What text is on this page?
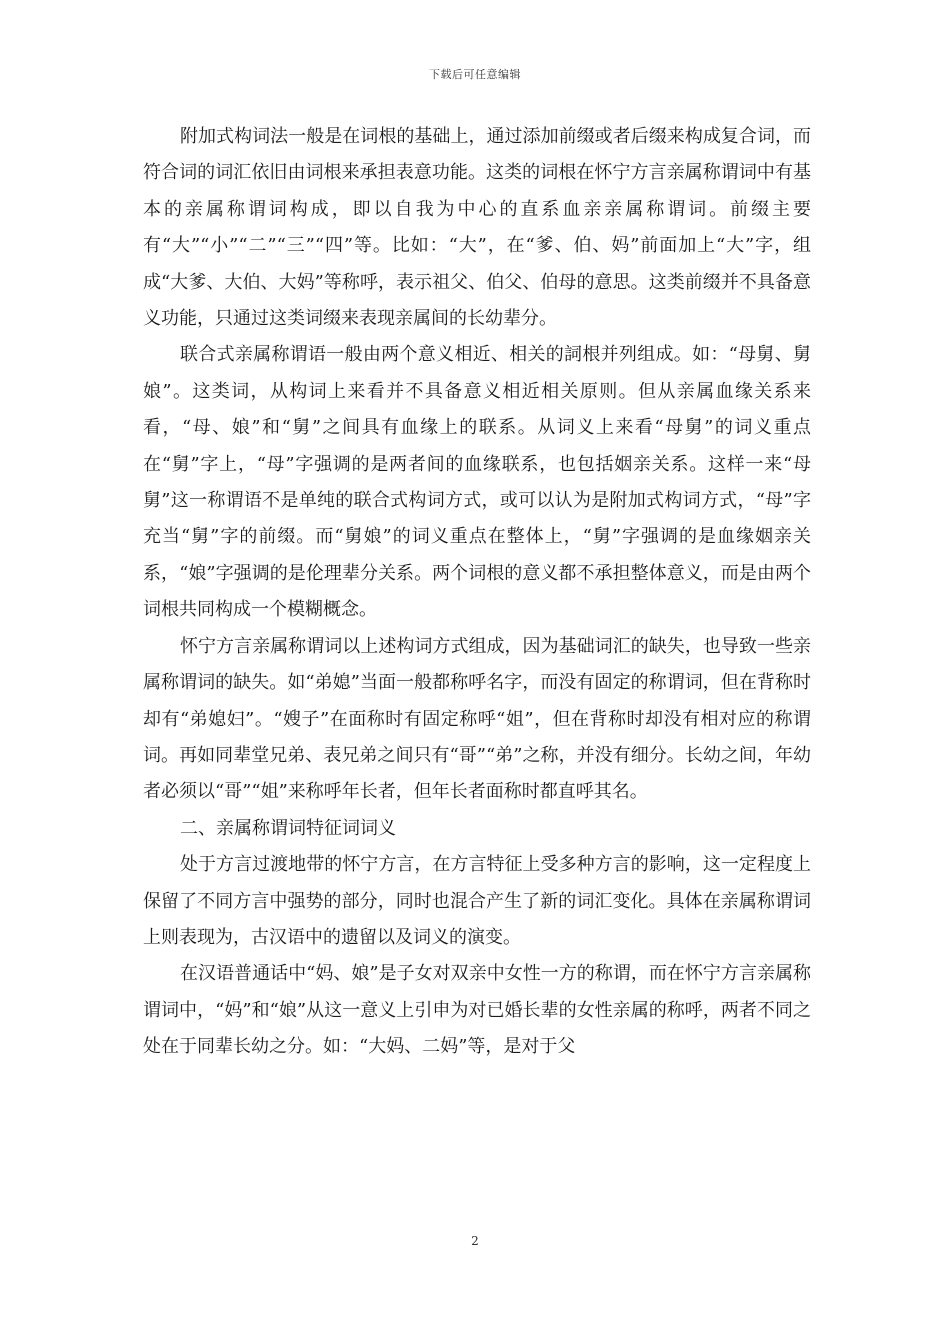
下载后可任意编辑

附加式构词法一般是在词根的基础上，通过添加前缀或者后缀来构成复合词，而符合词的词汇依旧由词根来承担表意功能。这类的词根在怀宁方言亲属称谓词中有基本的亲属称谓词构成，即以自我为中心的直系血亲亲属称谓词。前缀主要有“大”“小”“二”“三”“四”等。比如：“大”，在“爹、伯、妈”前面加上“大”字，组成“大爹、大伯、大妈”等称呼，表示祖父、伯父、伯母的意思。这类前缀并不具备意义功能，只通过这类词缀来表现亲属间的长幼辈分。

联合式亲属称谓语一般由两个意义相近、相关的詞根并列组成。如：“母舅、舅娘”。这类词，从构词上来看并不具备意义相近相关原则。但从亲属血缘关系来看，“母、娘”和“舅”之间具有血缘上的联系。从词义上来看“母舅”的词义重点在“舅”字上，“母”字强调的是两者间的血缘联系，也包括姻亲关系。这样一来“母舅”这一称谓语不是单纯的联合式构词方式，或可以认为是附加式构词方式，“母”字充当“舅”字的前缀。而“舅娘”的词义重点在整体上，“舅”字强调的是血缘姻亲关系，“娘”字强调的是伦理辈分关系。两个词根的意义都不承担整体意义，而是由两个词根共同构成一个模糊概念。

怀宁方言亲属称谓词以上述构词方式组成，因为基础词汇的缺失，也导致一些亲属称谓词的缺失。如“弟媳”当面一般都称呼名字，而没有固定的称谓词，但在背称时却有“弟媳妇”。“嫂子”在面称时有固定称呼“姐”，但在背称时却没有相对应的称谓词。再如同辈堂兄弟、表兄弟之间只有“哥”“弟”之称，并没有细分。长幼之间，年幼者必须以“哥”“姐”来称呼年长者，但年长者面称时都直呼其名。

二、亲属称谓词特征词词义

处于方言过渡地带的怀宁方言，在方言特征上受多种方言的影响，这一定程度上保留了不同方言中强势的部分，同时也混合产生了新的词汇变化。具体在亲属称谓词上则表现为，古汉语中的遗留以及词义的演变。

在汉语普通话中“妈、娘”是子女对双亲中女性一方的称谓，而在怀宁方言亲属称谓词中，“妈”和“娘”从这一意义上引申为对已婚长辈的女性亲属的称呼，两者不同之处在于同辈长幼之分。如：“大妈、二妈”等，是对于父

2
